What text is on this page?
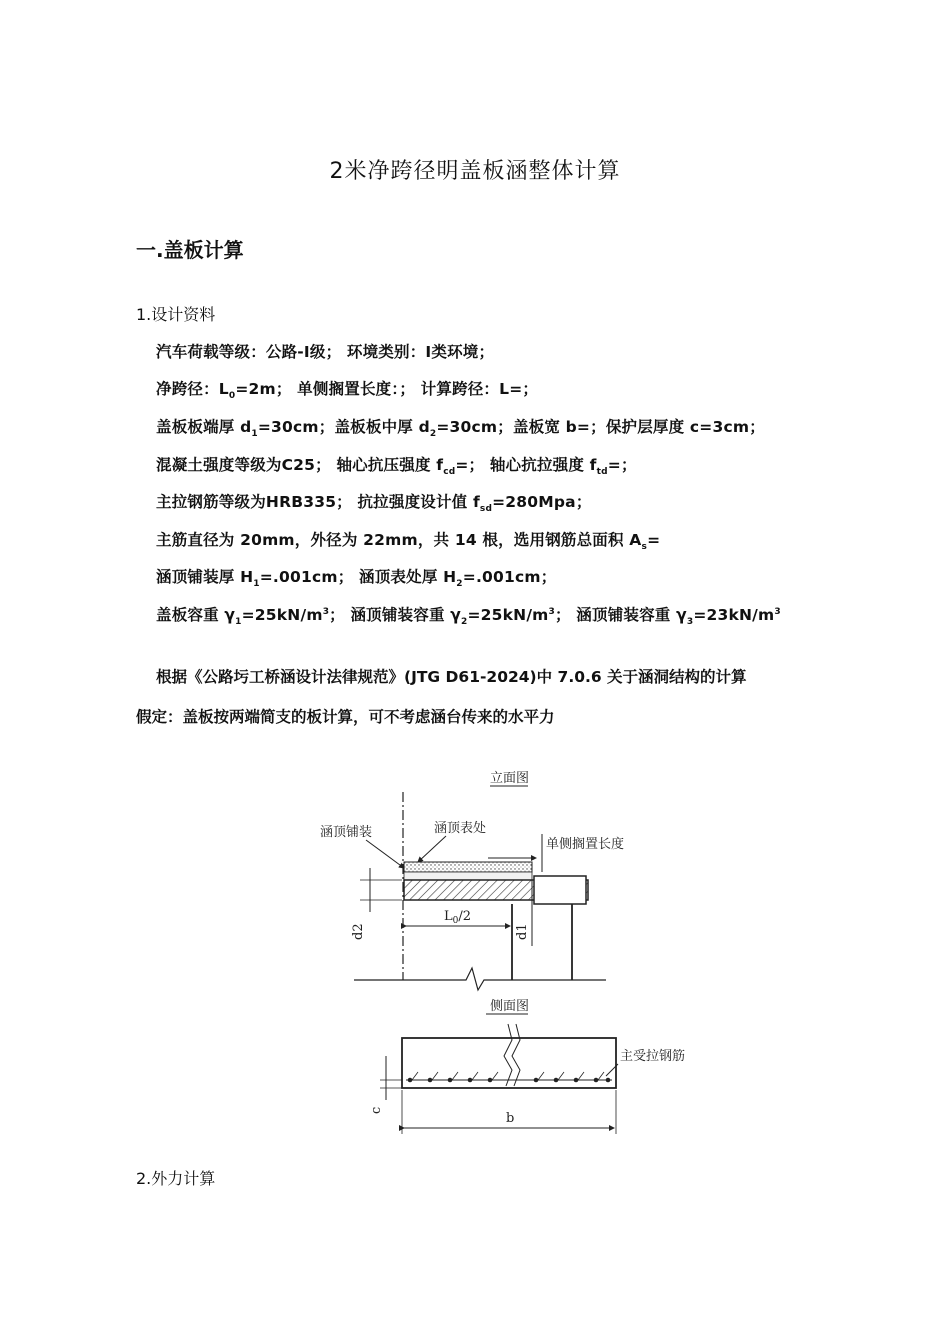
2米净跨径明盖板涵整体计算
一.盖板计算
1.设计资料
汽车荷载等级：公路-I级； 环境类别：I类环境；
净跨径：$L_0=2m$； 单侧搁置长度：； 计算跨径：L=；
盖板板端厚 $d_1=30cm$；盖板板中厚 $d_2=30cm$；盖板宽 b=；保护层厚度 c=3cm；
混凝土强度等级为C25； 轴心抗压强度 $f_{cd}=$； 轴心抗拉强度 $f_{td}=$；
主拉钢筋等级为HRB335； 抗拉强度设计值 $f_{sd}=280Mpa$；
主筋直径为 20mm，外径为 22mm，共 14 根，选用钢筋总面积 $A_s=$
涵顶铺装厚 $H_1=.001cm$； 涵顶表处厚 $H_2=.001cm$；
盖板容重 $\gamma_1=25kN/m^3$； 涵顶铺装容重 $\gamma_2=25kN/m^3$； 涵顶铺装容重 $\gamma_3=23kN/m^3$
根据《公路圬工桥涵设计法律规范》(JTG D61-2024)中 7.0.6 关于涵洞结构的计算
假定：盖板按两端简支的板计算，可不考虑涵台传来的水平力
立面图
涵顶铺装	涵顶表处
单侧搁置长度
d2
$L_0/2$
d1
侧面图
主受拉钢筋
c
b
2.外力计算
